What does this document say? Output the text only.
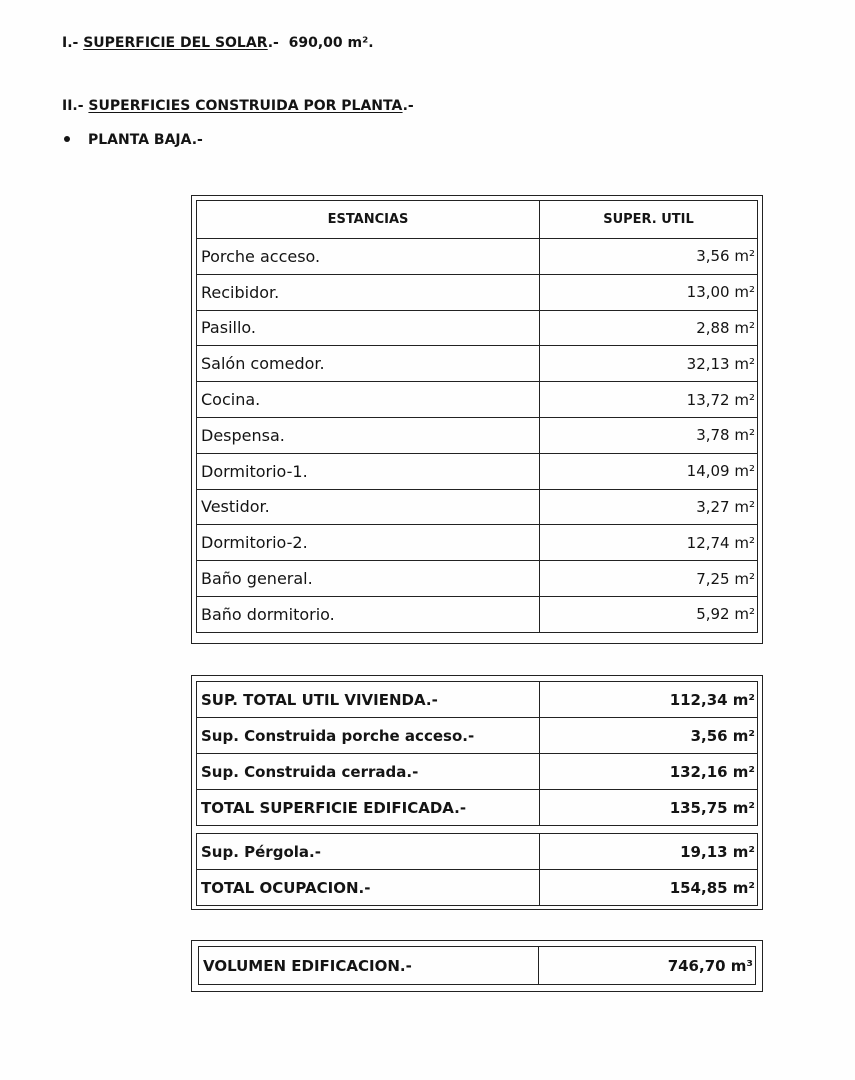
I.- SUPERFICIE DEL SOLAR.- 690,00 m².
II.- SUPERFICIES CONSTRUIDA POR PLANTA.-
PLANTA BAJA.-
ESTANCIAS	SUPER. UTIL
Porche acceso.	3,56 m²
Recibidor.	13,00 m²
Pasillo.	2,88 m²
Salón comedor.	32,13 m²
Cocina.	13,72 m²
Despensa.	3,78 m²
Dormitorio-1.	14,09 m²
Vestidor.	3,27 m²
Dormitorio-2.	12,74 m²
Baño general.	7,25 m²
Baño dormitorio.	5,92 m²
SUP. TOTAL UTIL VIVIENDA.-	112,34 m²
Sup. Construida porche acceso.-	3,56 m²
Sup. Construida cerrada.-	132,16 m²
TOTAL SUPERFICIE EDIFICADA.-	135,75 m²

Sup. Pérgola.-	19,13 m²
TOTAL OCUPACION.-	154,85 m²
VOLUMEN EDIFICACION.-	746,70 m³
